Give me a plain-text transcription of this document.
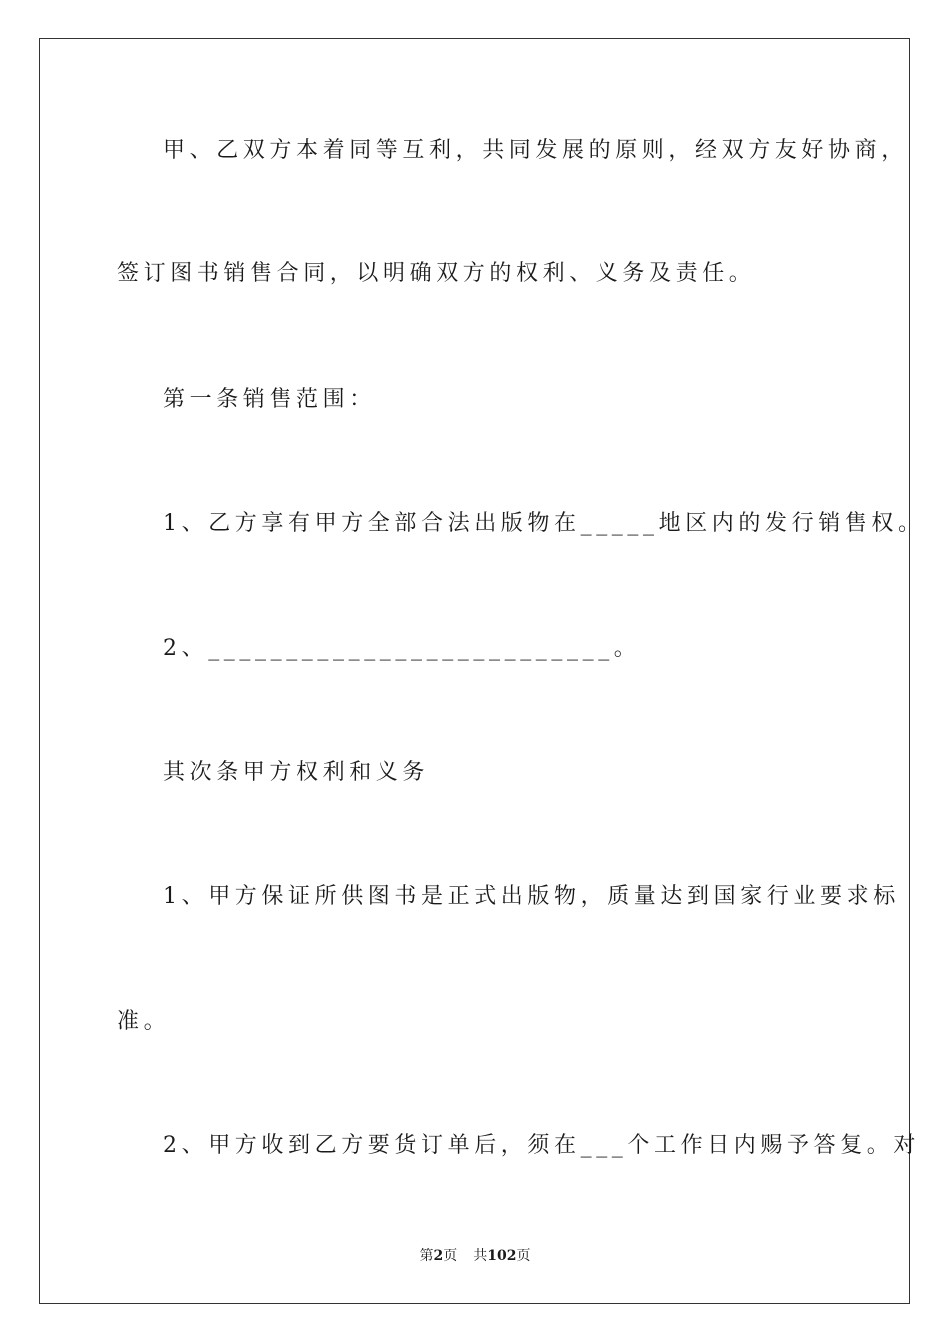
甲、乙双方本着同等互利，共同发展的原则，经双方友好协商，
签订图书销售合同，以明确双方的权利、义务及责任。
第一条销售范围：
1、乙方享有甲方全部合法出版物在_____地区内的发行销售权。
2、__________________________。
其次条甲方权利和义务
1、甲方保证所供图书是正式出版物，质量达到国家行业要求标
准。
2、甲方收到乙方要货订单后，须在___个工作日内赐予答复。对
第2页 共102页
